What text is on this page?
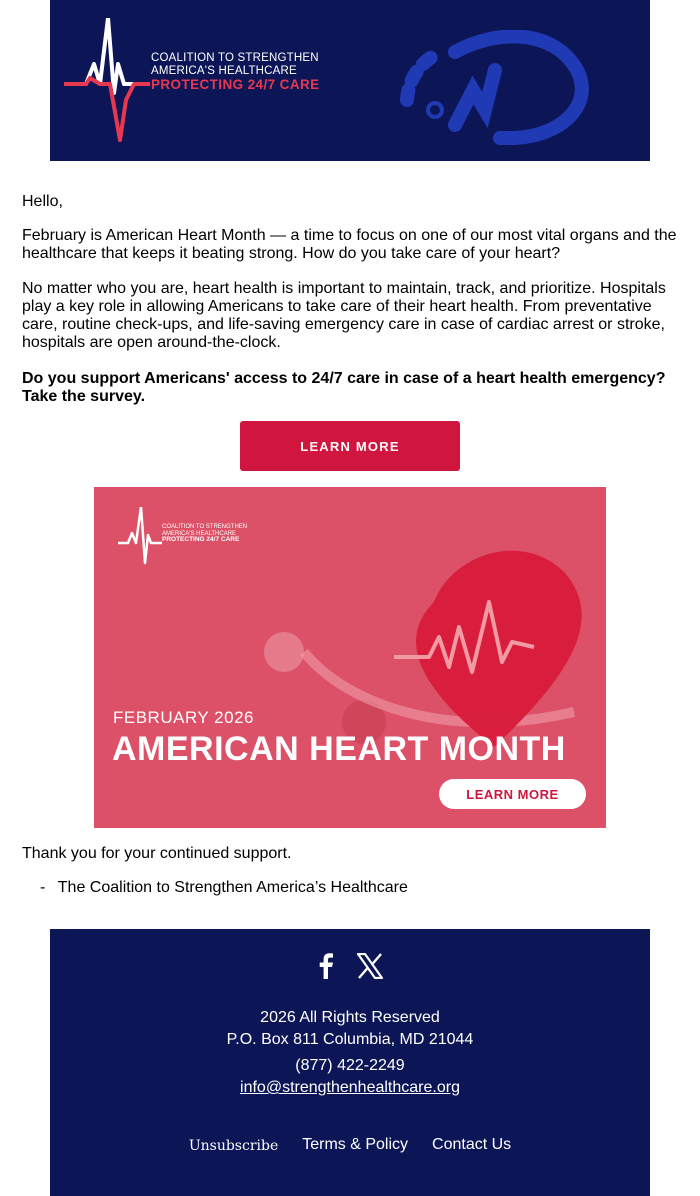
COALITION TO STRENGTHEN
AMERICA'S HEALTHCARE
PROTECTING 24/7 CARE

Hello,

February is American Heart Month — a time to focus on one of our most vital organs and the healthcare that keeps it beating strong. How do you take care of your heart?

No matter who you are, heart health is important to maintain, track, and prioritize. Hospitals play a key role in allowing Americans to take care of their heart health. From preventative care, routine check-ups, and life-saving emergency care in case of cardiac arrest or stroke, hospitals are open around-the-clock.

Do you support Americans' access to 24/7 care in case of a heart health emergency? Take the survey.

LEARN MORE
COALITION TO STRENGTHEN
AMERICA'S HEALTHCARE
PROTECTING 24/7 CARE
FEBRUARY 2026
AMERICAN HEART MONTH
LEARN MORE

Thank you for your continued support.

- The Coalition to Strengthen America’s Healthcare
2026 All Rights Reserved
P.O. Box 811 Columbia, MD 21044
(877) 422-2249
info@strengthenhealthcare.org
Unsubscribe Terms & Policy Contact Us
